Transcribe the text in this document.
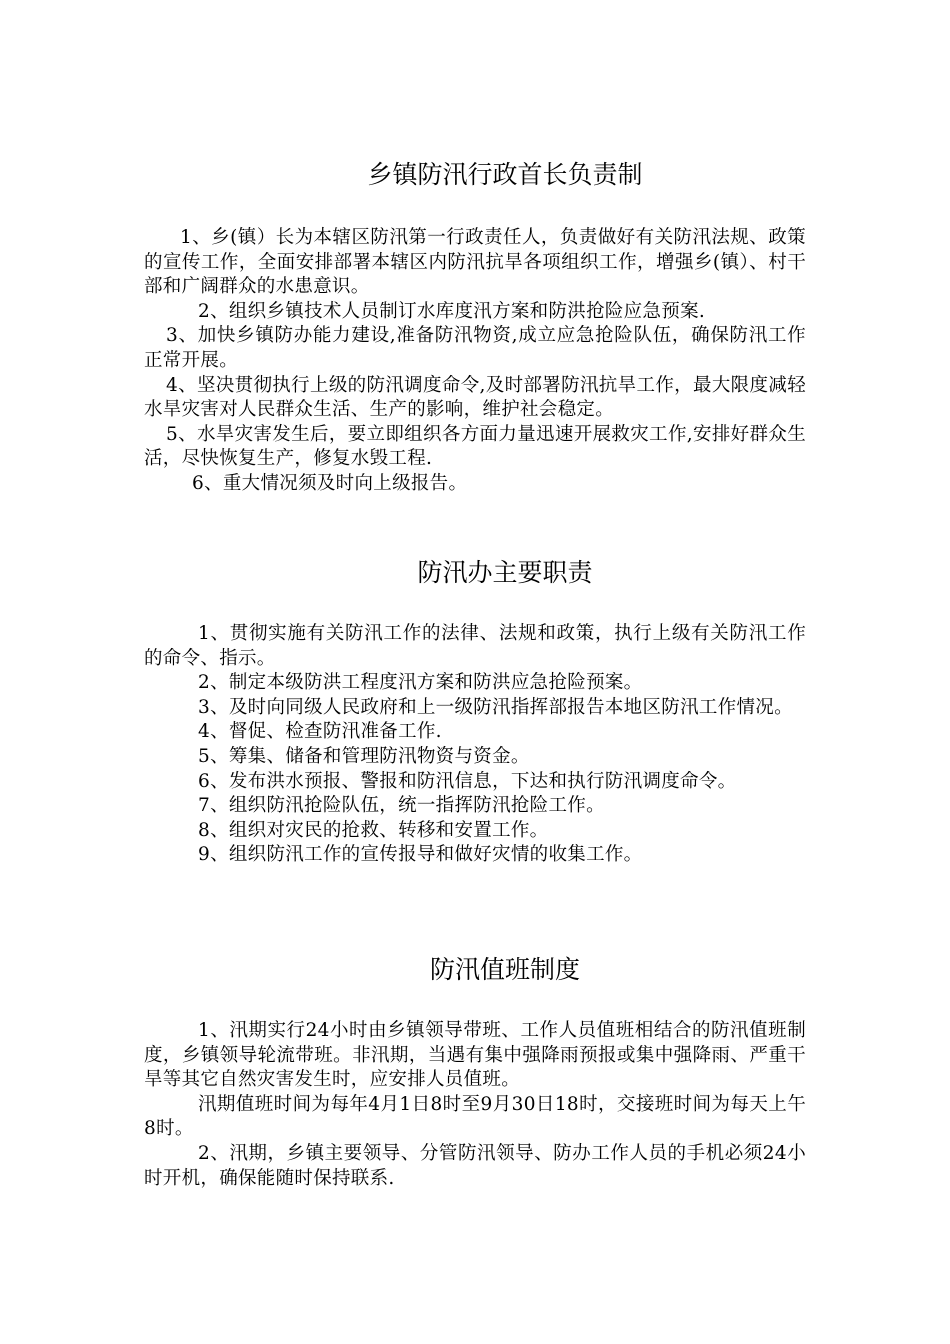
乡镇防汛行政首长负责制

1、乡(镇）长为本辖区防汛第一行政责任人，负责做好有关防汛法规、政策的宣传工作，全面安排部署本辖区内防汛抗旱各项组织工作，增强乡(镇）、村干部和广阔群众的水患意识。

2、组织乡镇技术人员制订水库度汛方案和防洪抢险应急预案.

3、加快乡镇防办能力建设,准备防汛物资,成立应急抢险队伍，确保防汛工作正常开展。

4、坚决贯彻执行上级的防汛调度命令,及时部署防汛抗旱工作，最大限度减轻水旱灾害对人民群众生活、生产的影响，维护社会稳定。

5、水旱灾害发生后，要立即组织各方面力量迅速开展救灾工作,安排好群众生活，尽快恢复生产，修复水毁工程.

6、重大情况须及时向上级报告。

防汛办主要职责

1、贯彻实施有关防汛工作的法律、法规和政策，执行上级有关防汛工作的命令、指示。

2、制定本级防洪工程度汛方案和防洪应急抢险预案。

3、及时向同级人民政府和上一级防汛指挥部报告本地区防汛工作情况。

4、督促、检查防汛准备工作.

5、筹集、储备和管理防汛物资与资金。

6、发布洪水预报、警报和防汛信息，下达和执行防汛调度命令。

7、组织防汛抢险队伍，统一指挥防汛抢险工作。

8、组织对灾民的抢救、转移和安置工作。

9、组织防汛工作的宣传报导和做好灾情的收集工作。

防汛值班制度

1、汛期实行24小时由乡镇领导带班、工作人员值班相结合的防汛值班制度，乡镇领导轮流带班。非汛期，当遇有集中强降雨预报或集中强降雨、严重干旱等其它自然灾害发生时，应安排人员值班。

汛期值班时间为每年4月1日8时至9月30日18时，交接班时间为每天上午8时。

2、汛期，乡镇主要领导、分管防汛领导、防办工作人员的手机必须24小时开机，确保能随时保持联系.
